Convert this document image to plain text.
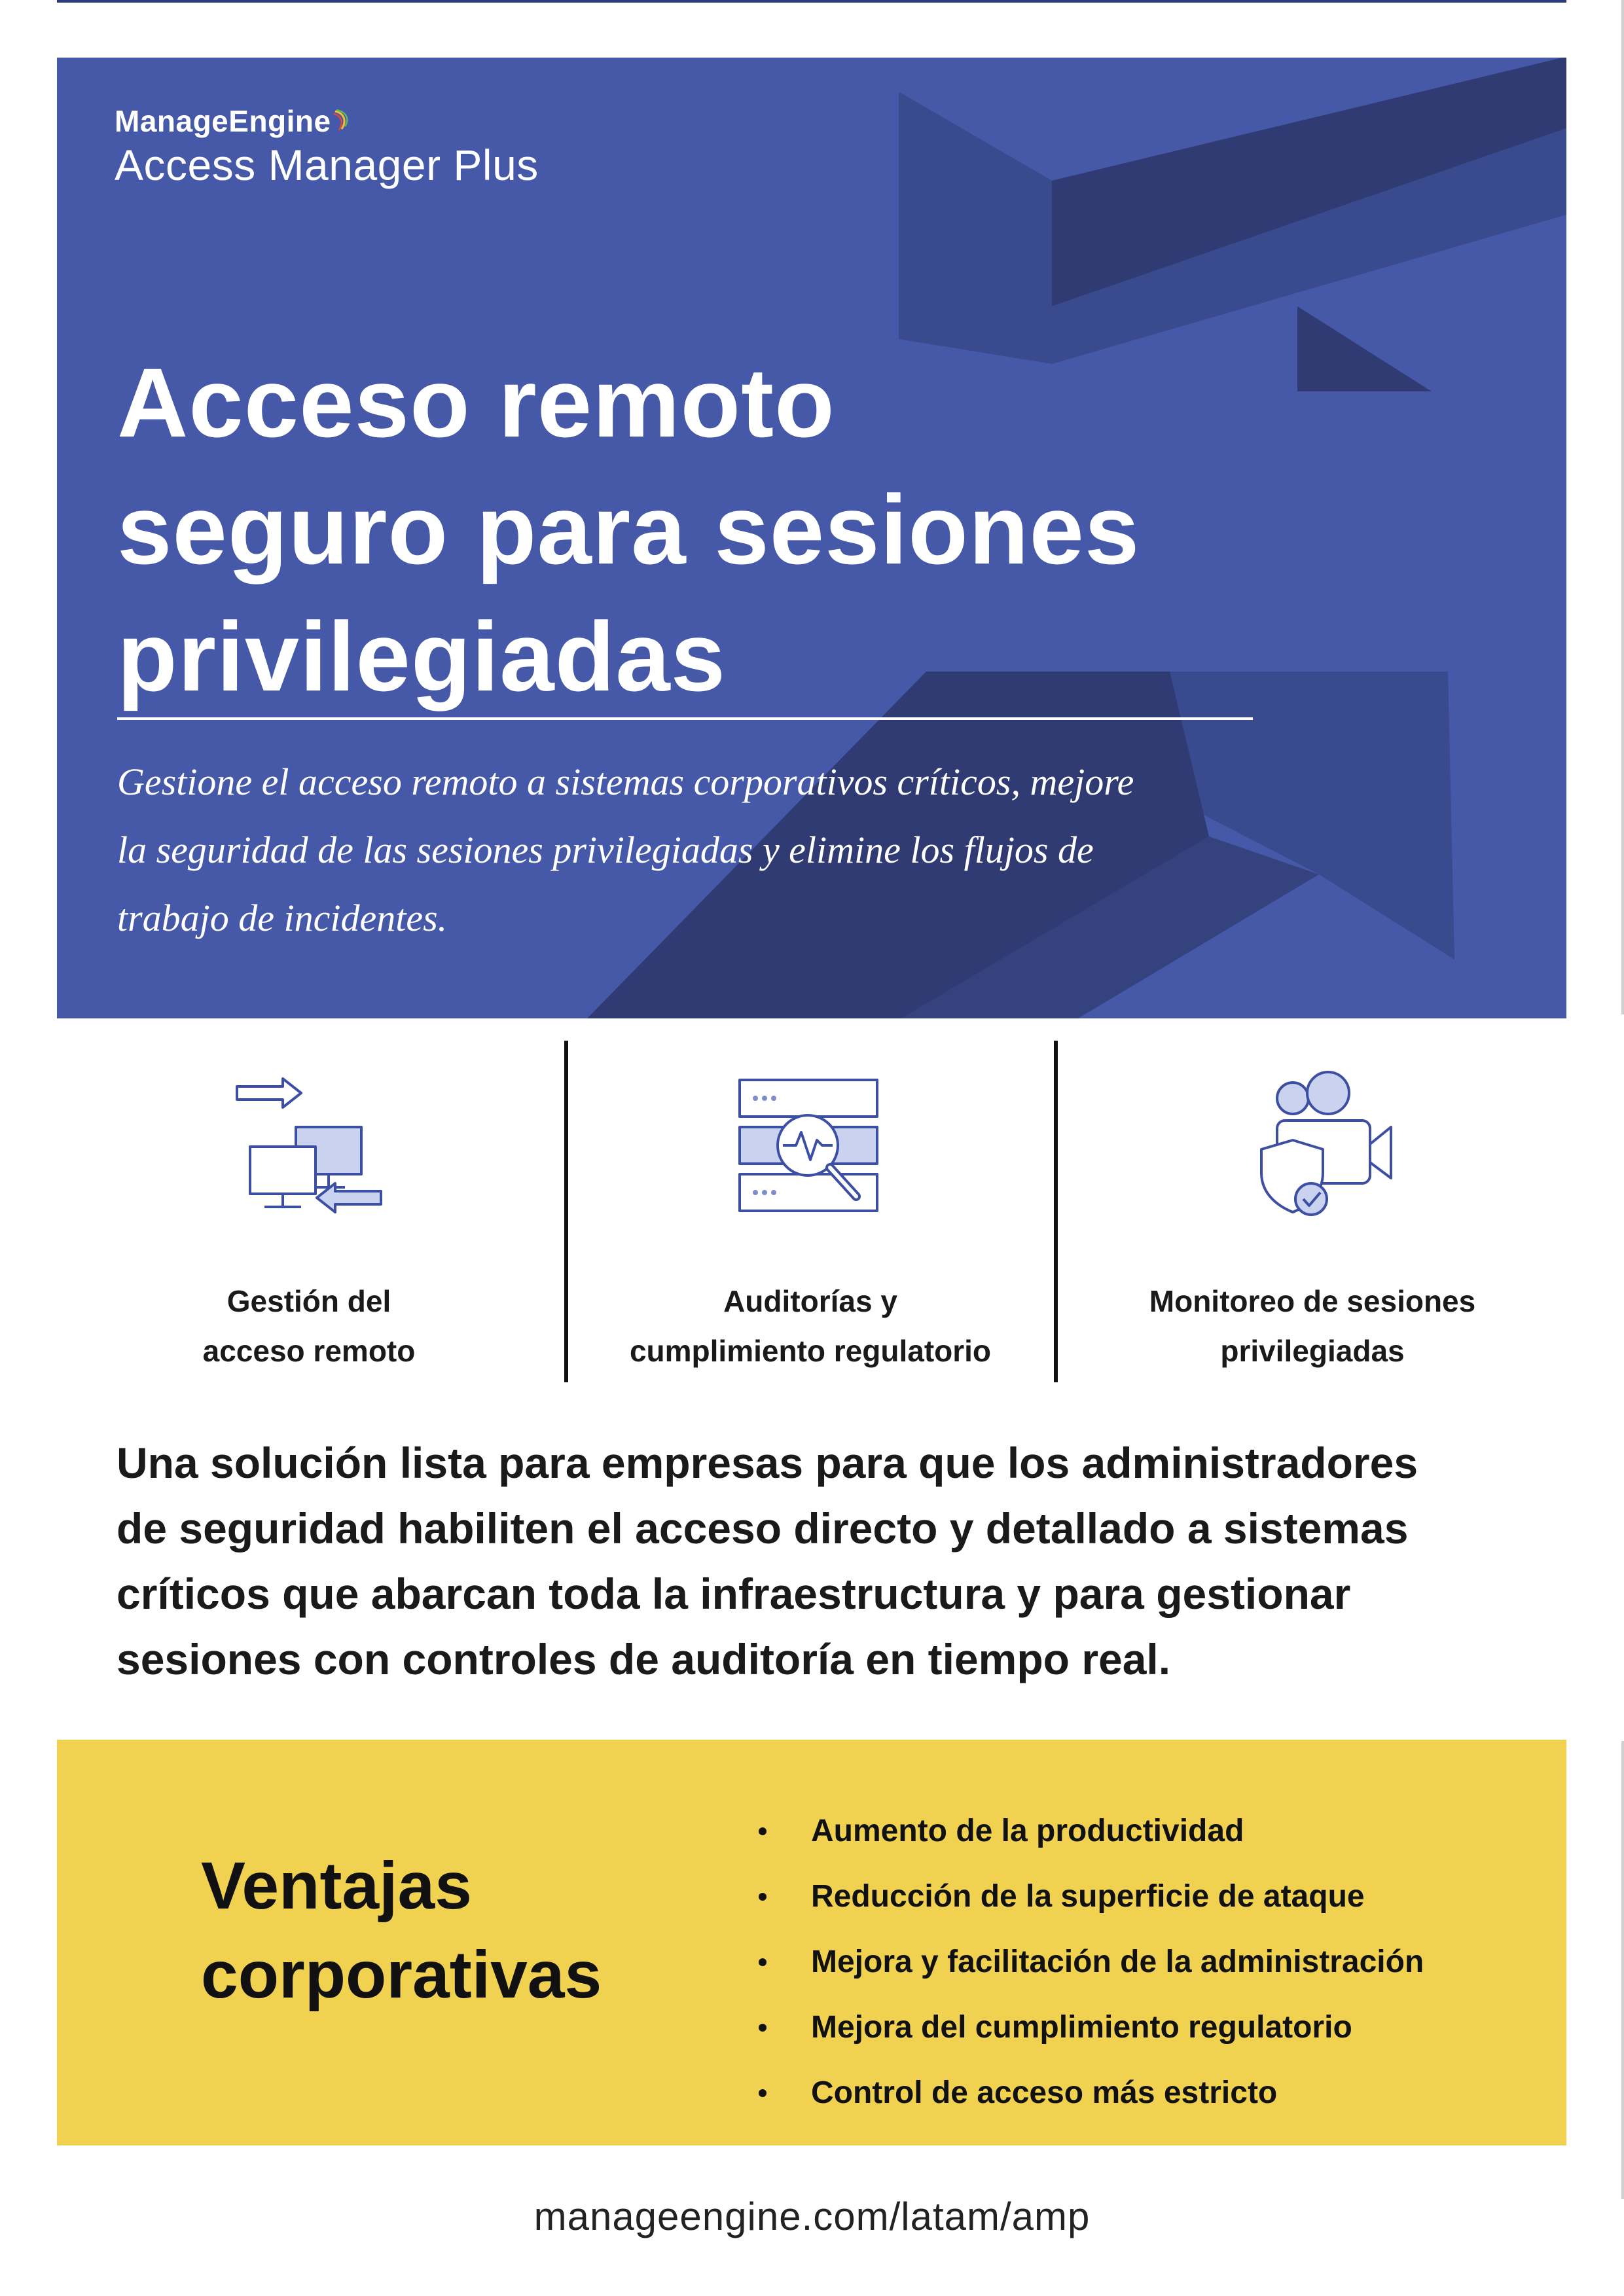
ManageEngine
Access Manager Plus
Acceso remoto
seguro para sesiones
privilegiadas
Gestione el acceso remoto a sistemas corporativos críticos, mejore
la seguridad de las sesiones privilegiadas y elimine los flujos de
trabajo de incidentes.
Gestión del
acceso remoto
Auditorías y
cumplimiento regulatorio
Monitoreo de sesiones
privilegiadas
Una solución lista para empresas para que los administradores
de seguridad habiliten el acceso directo y detallado a sistemas
críticos que abarcan toda la infraestructura y para gestionar
sesiones con controles de auditoría en tiempo real.
Ventajas
corporativas
Aumento de la productividad
Reducción de la superficie de ataque
Mejora y facilitación de la administración
Mejora del cumplimiento regulatorio
Control de acceso más estricto
manageengine.com/latam/amp
